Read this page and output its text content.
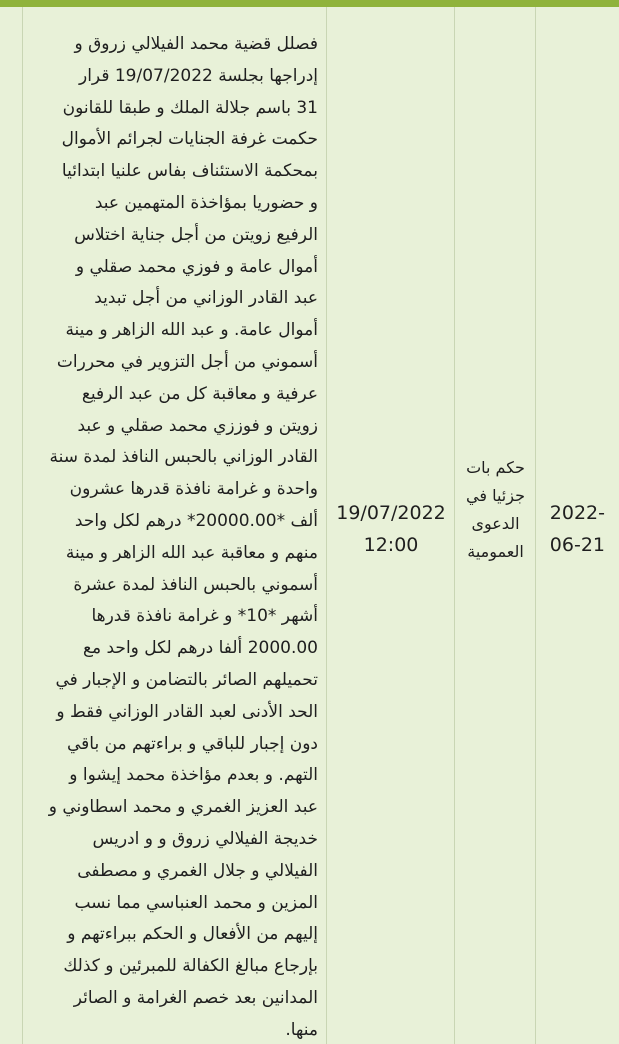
2022-06-21
حكم بات جزئيا في الدعوى العمومية
19/07/2022 12:00
فصلل قضية محمد الفيلالي زروق و
إدراجها بجلسة 19/07/2022 قرار
31 باسم جلالة الملك و طبقا للقانون
حكمت غرفة الجنايات لجرائم الأموال
بمحكمة الاستئناف بفاس علنيا ابتدائيا
و حضوريا بمؤاخذة المتهمين عبد
الرفيع زويتن من أجل جناية اختلاس
أموال عامة و فوزي محمد صقلي و
عبد القادر الوزاني من أجل تبديد
أموال عامة. و عبد الله الزاهر و مينة
أسموني من أجل التزوير في محررات
عرفية و معاقبة كل من عبد الرفيع
زويتن و فوززي محمد صقلي و عبد
القادر الوزاني بالحبس النافذ لمدة سنة
واحدة و غرامة نافذة قدرها عشرون
ألف *20000.00* درهم لكل واحد
منهم و معاقبة عبد الله الزاهر و مينة
أسموني بالحبس النافذ لمدة عشرة
أشهر *10* و غرامة نافذة قدرها
2000.00 ألفا درهم لكل واحد مع
تحميلهم الصائر بالتضامن و الإجبار في
الحد الأدنى لعبد القادر الوزاني فقط و
دون إجبار للباقي و براءتهم من باقي
التهم. و بعدم مؤاخذة محمد إيشوا و
عبد العزيز الغمري و محمد اسطاوني و
خديجة الفيلالي زروق و و ادريس
الفيلالي و جلال الغمري و مصطفى
المزين و محمد العنباسي مما نسب
إليهم من الأفعال و الحكم ببراءتهم و
بإرجاع مبالغ الكفالة للمبرئين و كذلك
المدانين بعد خصم الغرامة و الصائر
منها.
